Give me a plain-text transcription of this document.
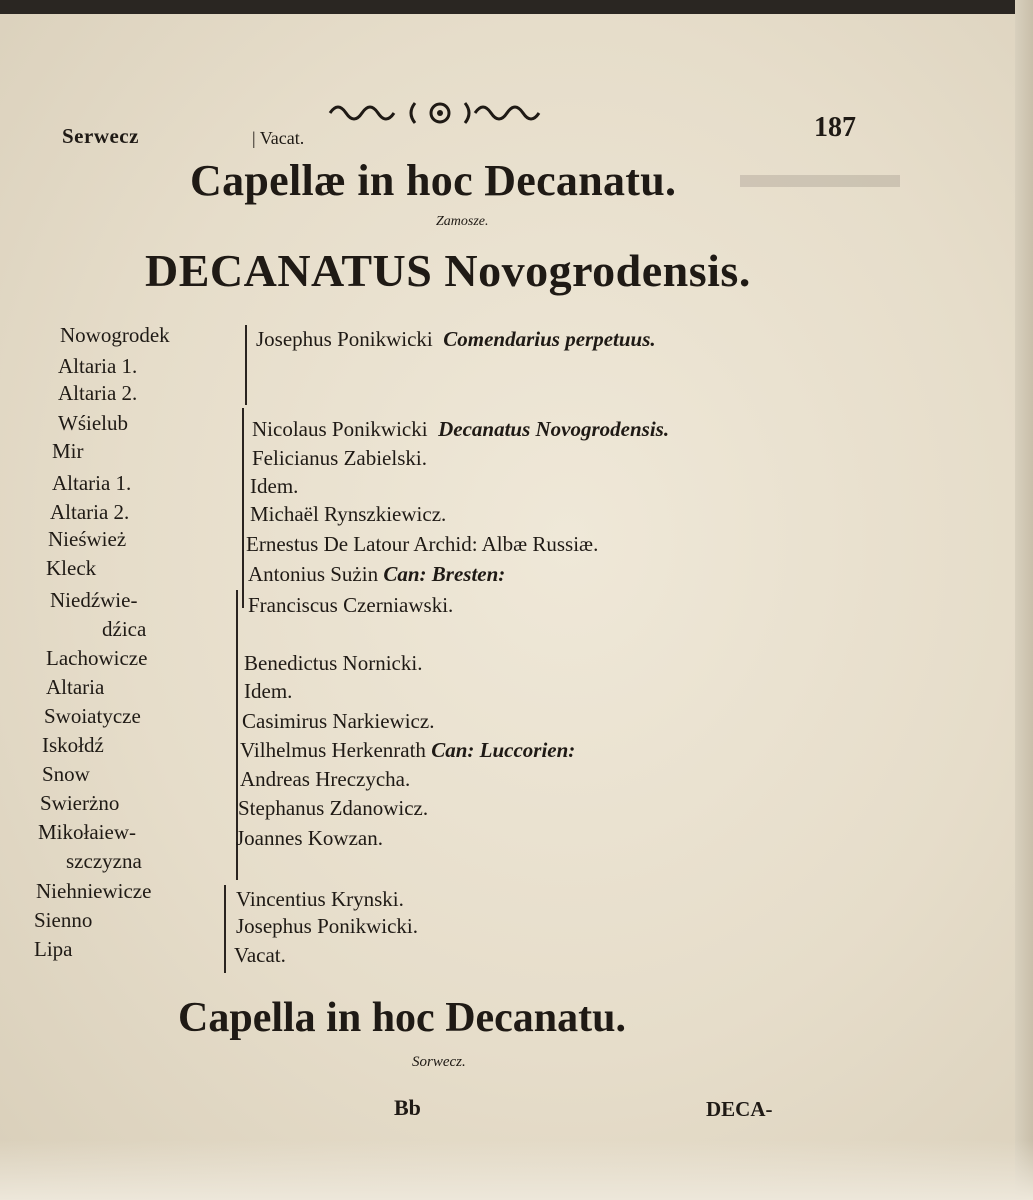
▬▬▬▬
Serwecz	| Vacat.	187
Capellæ in hoc Decanatu.
Zamosze.
DECANATUS Novogrodensis.
Nowogrodek	Josephus Ponikwicki Comendarius perpetuus.
Altaria 1.
Altaria 2.
Wśielub	Nicolaus Ponikwicki Decanatus Novogrodensis.
Mir	Felicianus Zabielski.
Altaria 1.	Idem.
Altaria 2.	Michaël Rynszkiewicz.
Nieśwież	Ernestus De Latour Archid: Albæ Russiæ.
Kleck	Antonius Sużin Can: Bresten:
Niedźwie-	Franciscus Czerniawski.
dźica
Lachowicze	Benedictus Nornicki.
Altaria	Idem.
Swoiatycze	Casimirus Narkiewicz.
Iskołdź	Vilhelmus Herkenrath Can: Luccorien:
Snow	Andreas Hreczycha.
Swierżno	Stephanus Zdanowicz.
Mikołaiew-	Joannes Kowzan.
szczyzna
Niehniewicze	Vincentius Krynski.
Sienno	Josephus Ponikwicki.
Lipa	Vacat.
Capella in hoc Decanatu.
Sorwecz.
Bb	DECA-
